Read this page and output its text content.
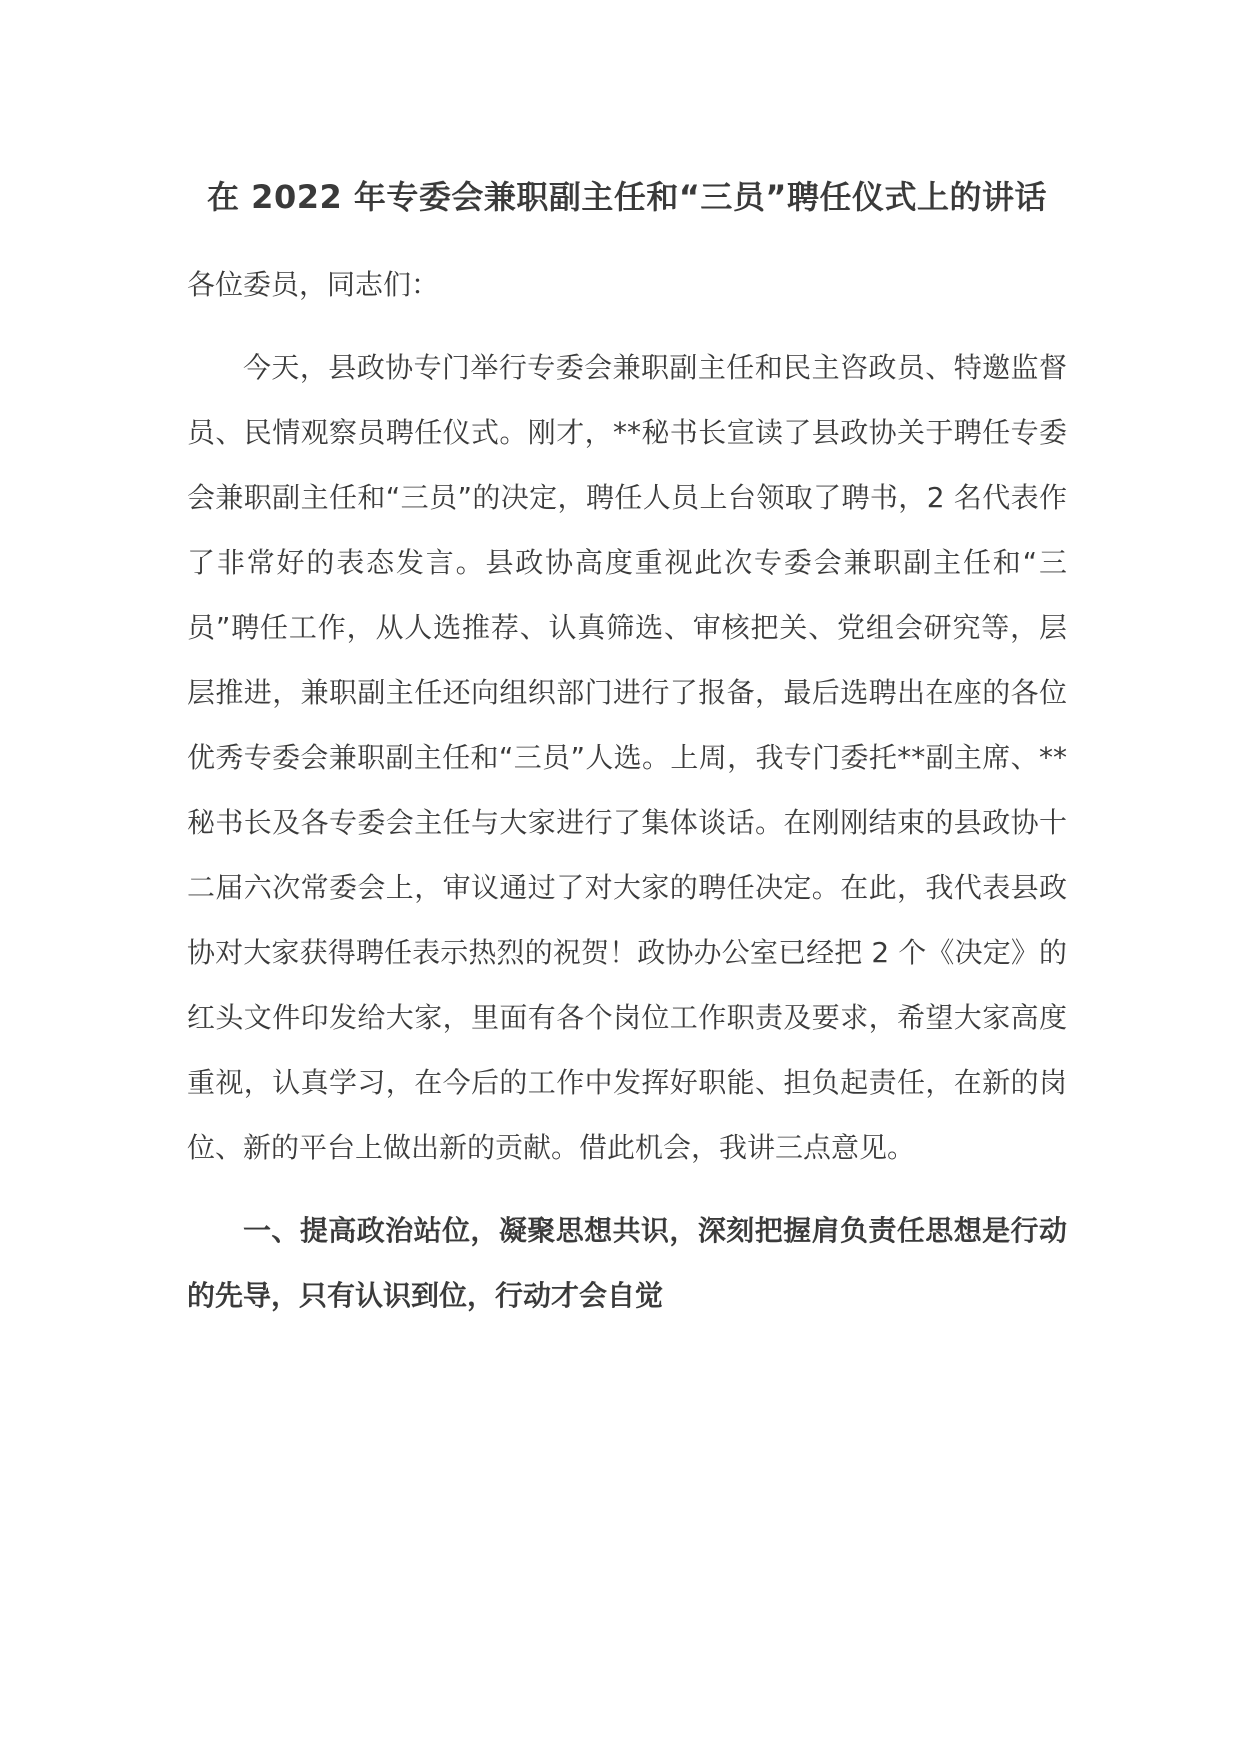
在 2022 年专委会兼职副主任和“三员”聘任仪式上的讲话

各位委员，同志们：

今天，县政协专门举行专委会兼职副主任和民主咨政员、特邀监督员、民情观察员聘任仪式。刚才，**秘书长宣读了县政协关于聘任专委会兼职副主任和“三员”的决定，聘任人员上台领取了聘书，2 名代表作了非常好的表态发言。县政协高度重视此次专委会兼职副主任和“三员”聘任工作，从人选推荐、认真筛选、审核把关、党组会研究等，层层推进，兼职副主任还向组织部门进行了报备，最后选聘出在座的各位优秀专委会兼职副主任和“三员”人选。上周，我专门委托**副主席、**秘书长及各专委会主任与大家进行了集体谈话。在刚刚结束的县政协十二届六次常委会上，审议通过了对大家的聘任决定。在此，我代表县政协对大家获得聘任表示热烈的祝贺！政协办公室已经把 2 个《决定》的红头文件印发给大家，里面有各个岗位工作职责及要求，希望大家高度重视，认真学习，在今后的工作中发挥好职能、担负起责任，在新的岗位、新的平台上做出新的贡献。借此机会，我讲三点意见。

一、提高政治站位，凝聚思想共识，深刻把握肩负责任思想是行动的先导，只有认识到位，行动才会自觉
